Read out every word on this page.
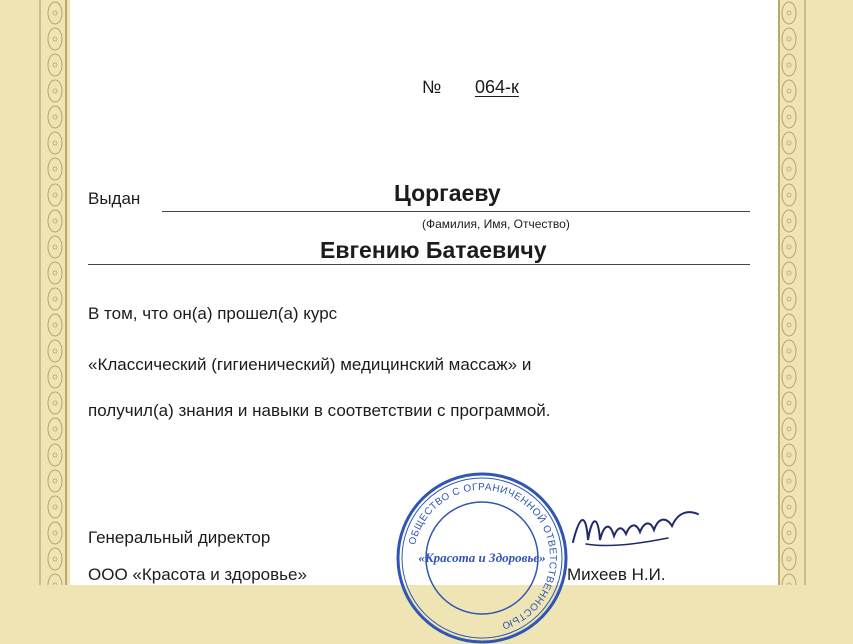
№ 064-к
Выдан	Цоргаеву
(Фамилия, Имя, Отчество)
Евгению Батаевичу
В том, что он(а) прошел(а) курс
«Классический (гигиенический) медицинский массаж» и
получил(а) знания и навыки в соответствии с программой.
Генеральный директор
ООО «Красота и здоровье»
ОБЩЕСТВО С ОГРАНИЧЕННОЙ ОТВЕТСТВЕННОСТЬЮ
«Красота и Здоровье»
Михеев Н.И.
